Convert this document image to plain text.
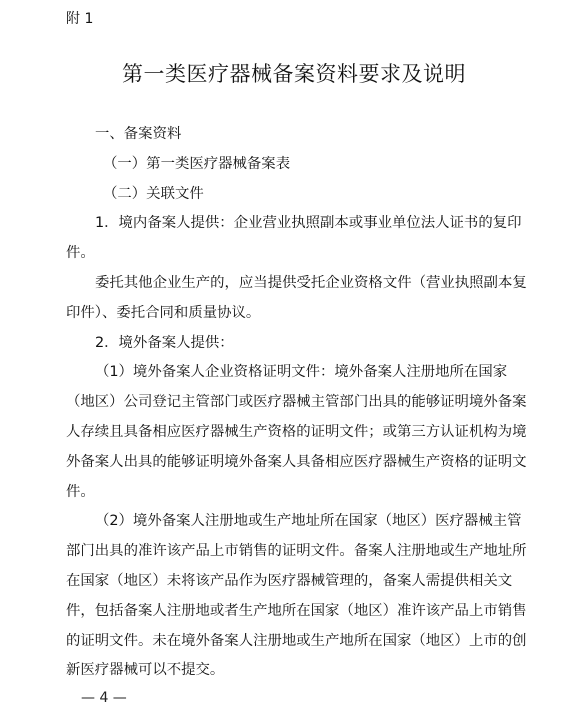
附 1
第一类医疗器械备案资料要求及说明

一、备案资料

（一）第一类医疗器械备案表

（二）关联文件

1．境内备案人提供：企业营业执照副本或事业单位法人证书的复印件。

委托其他企业生产的，应当提供受托企业资格文件（营业执照副本复印件）、委托合同和质量协议。

2．境外备案人提供：

（1）境外备案人企业资格证明文件：境外备案人注册地所在国家（地区）公司登记主管部门或医疗器械主管部门出具的能够证明境外备案人存续且具备相应医疗器械生产资格的证明文件；或第三方认证机构为境外备案人出具的能够证明境外备案人具备相应医疗器械生产资格的证明文件。

（2）境外备案人注册地或生产地址所在国家（地区）医疗器械主管部门出具的准许该产品上市销售的证明文件。备案人注册地或生产地址所在国家（地区）未将该产品作为医疗器械管理的，备案人需提供相关文件，包括备案人注册地或者生产地所在国家（地区）准许该产品上市销售的证明文件。未在境外备案人注册地或生产地所在国家（地区）上市的创新医疗器械可以不提交。

— 4 —
